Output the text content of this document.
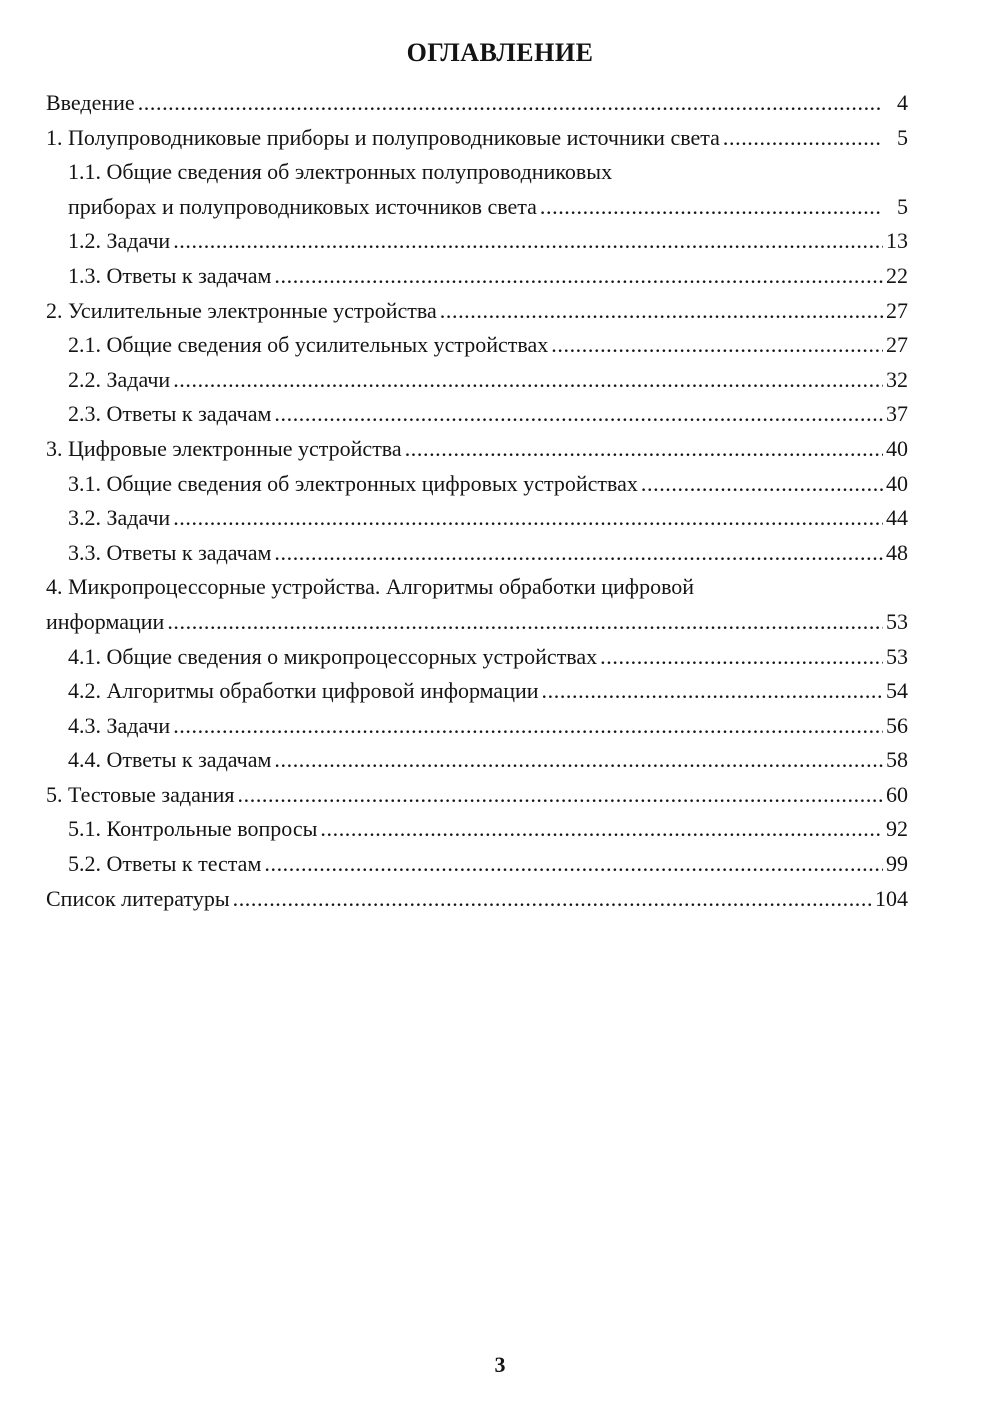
ОГЛАВЛЕНИЕ
Введение .....	4
1. Полупроводниковые приборы и полупроводниковые источники света .....	5
1.1. Общие сведения об электронных полупроводниковых
приборах и полупроводниковых источников света .....	5
1.2. Задачи .....	13
1.3. Ответы к задачам .....	22
2. Усилительные электронные устройства .....	27
2.1. Общие сведения об усилительных устройствах .....	27
2.2. Задачи .....	32
2.3. Ответы к задачам .....	37
3. Цифровые электронные устройства .....	40
3.1. Общие сведения об электронных цифровых устройствах .....	40
3.2. Задачи .....	44
3.3. Ответы к задачам .....	48
4. Микропроцессорные устройства. Алгоритмы обработки цифровой
информации .....	53
4.1. Общие сведения о микропроцессорных устройствах .....	53
4.2. Алгоритмы обработки цифровой информации .....	54
4.3. Задачи .....	56
4.4. Ответы к задачам .....	58
5. Тестовые задания .....	60
5.1. Контрольные вопросы .....	92
5.2. Ответы к тестам .....	99
Список литературы .....	104
3
